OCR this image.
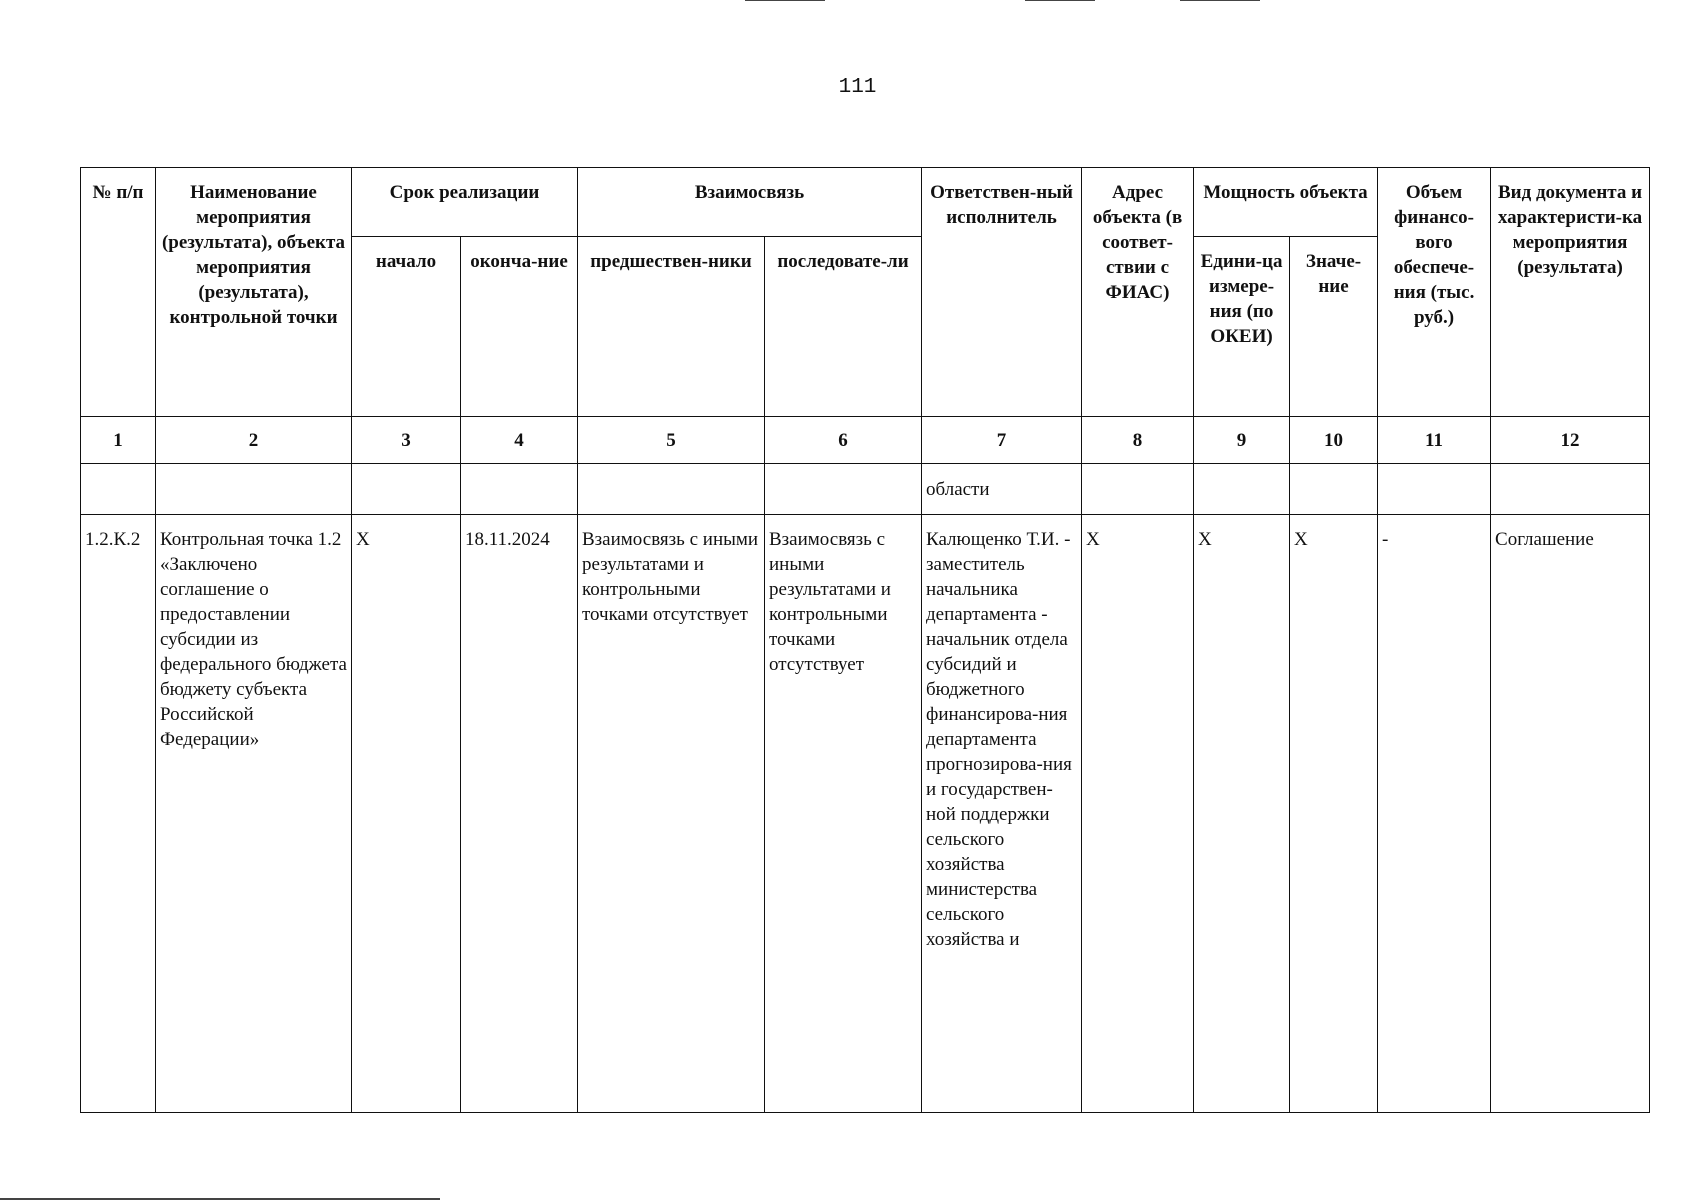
111
№ п/п	Наименование мероприятия (результата), объекта мероприятия (результата), контрольной точки	Срок реализации		Взаимосвязь		Ответствен-ный исполнитель	Адрес объекта (в соответ-ствии с ФИАС)	Мощность объекта		Объем финансо-вого обеспече-ния (тыс. руб.)	Вид документа и характеристи-ка мероприятия (результата)
		начало	оконча-ние	предшествен-ники	последовате-ли			Едини-ца измере-ния (по ОКЕИ)	Значе-ние		
1	2	3	4	5	6	7	8	9	10	11	12
						области					
1.2.К.2	Контрольная точка 1.2 «Заключено соглашение о предоставлении субсидии из федерального бюджета бюджету субъекта Российской Федерации»	X	18.11.2024	Взаимосвязь с иными результатами и контрольными точками отсутствует	Взаимосвязь с иными результатами и контрольными точками отсутствует	Калющенко Т.И. - заместитель начальника департамента - начальник отдела субсидий и бюджетного финансирова-ния департамента прогнозирова-ния и государствен-ной поддержки сельского хозяйства министерства сельского хозяйства и	X	X	X	-	Соглашение
